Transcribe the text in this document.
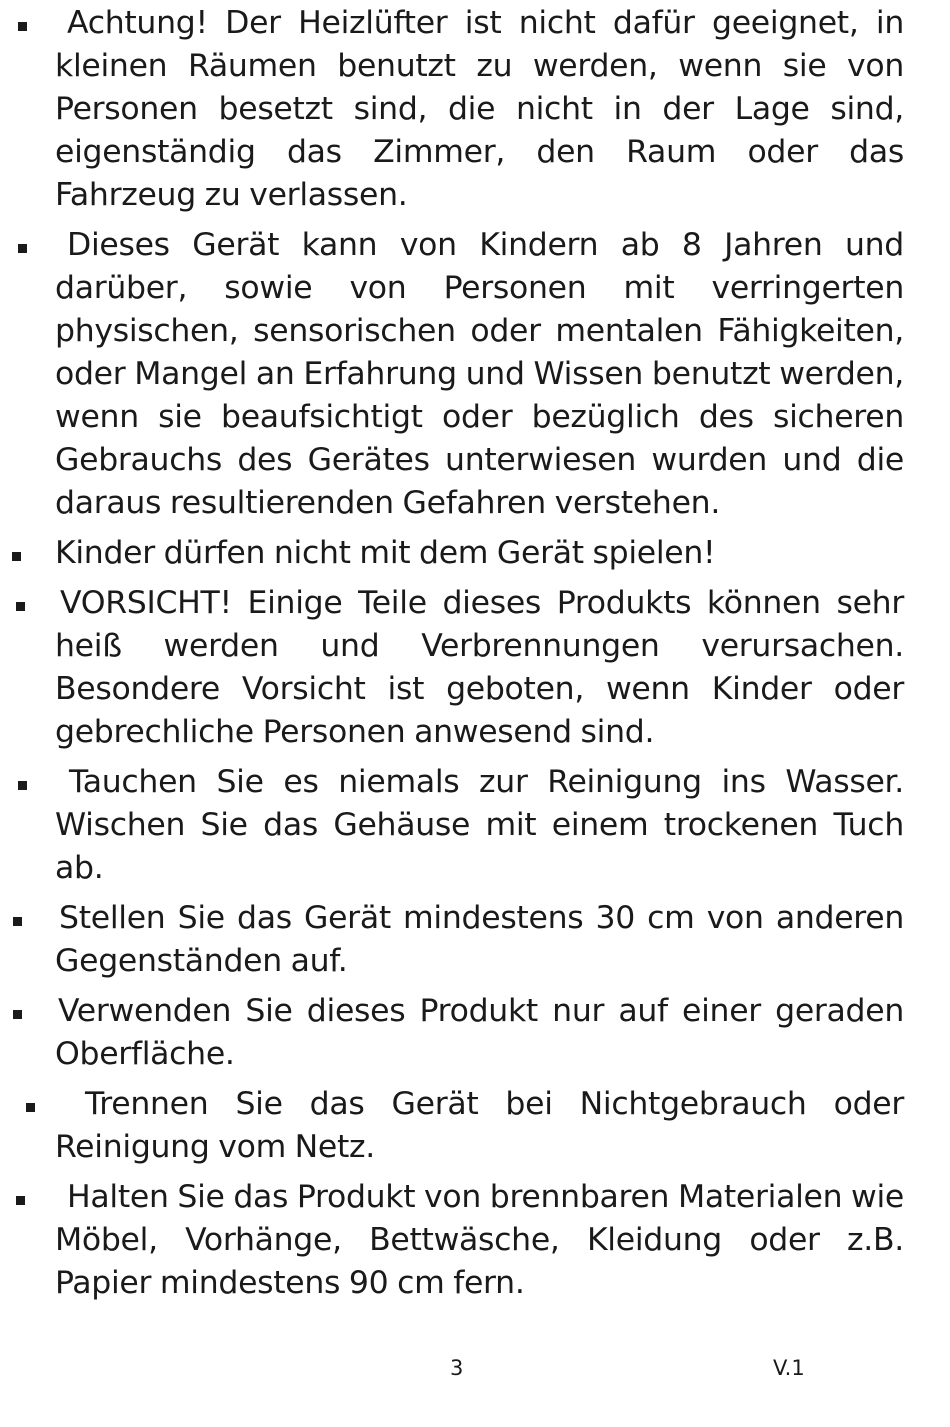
Achtung! Der Heizlüfter ist nicht dafür geeignet, in kleinen Räumen benutzt zu werden, wenn sie von Personen besetzt sind, die nicht in der Lage sind, eigenständig das Zimmer, den Raum oder das Fahrzeug zu verlassen.

Dieses Gerät kann von Kindern ab 8 Jahren und darüber, sowie von Personen mit verringerten physischen, sensorischen oder mentalen Fähigkeiten, oder Mangel an Erfahrung und Wissen benutzt werden, wenn sie beaufsichtigt oder bezüglich des sicheren Gebrauchs des Gerätes unterwiesen wurden und die daraus resultierenden Gefahren verstehen.

Kinder dürfen nicht mit dem Gerät spielen!

VORSICHT! Einige Teile dieses Produkts können sehr heiß werden und Verbrennungen verursachen. Besondere Vorsicht ist geboten, wenn Kinder oder gebrechliche Personen anwesend sind.

Tauchen Sie es niemals zur Reinigung ins Wasser. Wischen Sie das Gehäuse mit einem trockenen Tuch ab.

Stellen Sie das Gerät mindestens 30 cm von anderen Gegenständen auf.

Verwenden Sie dieses Produkt nur auf einer geraden Oberfläche.

Trennen Sie das Gerät bei Nichtgebrauch oder Reinigung vom Netz.

Halten Sie das Produkt von brennbaren Materialen wie Möbel, Vorhänge, Bettwäsche, Kleidung oder z.B. Papier mindestens 90 cm fern.

3	V.1
